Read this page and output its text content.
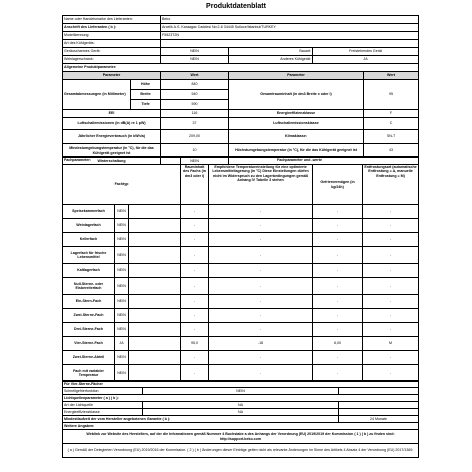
Produktdatenblatt
Name oder Handelsmarke des Lieferanten:		Beko			
Anschrift des Lieferanten ( b ):		Arcelik A.S. Karaagac Caddesi No:2-6 34445 Sutluce/Istanbul/TURKEY			
Modellkennung:		F5523T2N			
Art des Kühlgeräts:					
Geräuscharmes Gerät:		NEIN	Bauart:	Freistehendes Gerät	
Weinlagerschrank:		NEIN	Anderes Kühlgerät:	JA	
Allgemeine Produktparameter:					
Parameter		Wert	Parameter		Wert
Gesamtabmessungen (in Millimeter)	Höhe	840	Gesamtrauminhalt (in dm3 Breite x oder l)		95
	Breite	540			
	Tiefe	590			
EEI		116	Energieeffizienzklasse		F
Luftschallemissionen (in dB(A) re 1 pW)		37	Luftschallemissionsklasse		C
Jährlicher Energieverbrauch (in kWh/a)		209,00	Klimaklasse:		SN-T
Mindestumgebungstemperatur (in °C), für die das Kühlgerät geeignet ist		10	Höchstumgebungstemperatur (in °C), für die das Kühlgerät geeignet ist		43
Winterschaltung		NEIN			
Fachparameter:			Fachparameter und -werte			
Fachtyp			Rauminhalt des Fachs (in dm3 oder l)	Empfohlene Temperatureinstellung für eine optimierte Lebensmittellagerung (in °C) Diese Einstellungen dürfen nicht im Widerspruch zu den Lagerbedingungen gemäß Anhang IV Tabelle 3 stehen	Gefriervermögen (in kg/24h)	Entfrostungsart (automatische Entfrostung = A, manuelle Entfrostung = M)
Speisekammerfach	NEIN		-	-	-	-
Weinlagerfach	NEIN		-	-	-	-
Kellerfach	NEIN		-	-	-	-
Lagerfach für frische Lebensmittel	NEIN		-	-	-	-
Kaltlagerfach	NEIN		-	-	-	-
Null-Sterne- oder Eisbereiterfach	NEIN		-	-	-	-
Ein-Stern-Fach	NEIN		-	-	-	-
Zwei-Sterne-Fach	NEIN		-	-	-	-
Drei-Sterne-Fach	NEIN		-	-	-	-
Vier-Sterne-Fach	JA		95,0	-18	6,00	M
Zwei-Sterne-Abteil	NEIN		-	-	-	-
Fach mit variabler Temperatur	NEIN		-	-	-	-
Für Vier-Sterne-Fächer		
Schnellgefrierfunktion	NEIN	
Lichtquellenparameter ( a ) ( b ):		
Art der Lichtquelle	NA	
Energieeffizienzklasse	NA	
Mindestlaufzeit der vom Hersteller angebotenen Garantie ( b ):		24 Monate
Weitere Angaben:		

Weblink zur Website des Herstellers, auf der die Informationen gemäß Nummer 4 Buchstabe a des Anhangs der Verordnung (EU) 2019/2019 der Kommission ( 1 ) ( b ) zu finden sind:
http://support.beko.com		

( a ) Gemäß der Delegierten Verordnung (EU) 2019/2016 der Kommission. ( 2 ) ( b ) Änderungen dieser Einträge gelten nicht als relevante Änderungen im Sinne des Artikels 4 Absatz 4 der Verordnung (EU) 2017/1369.		
